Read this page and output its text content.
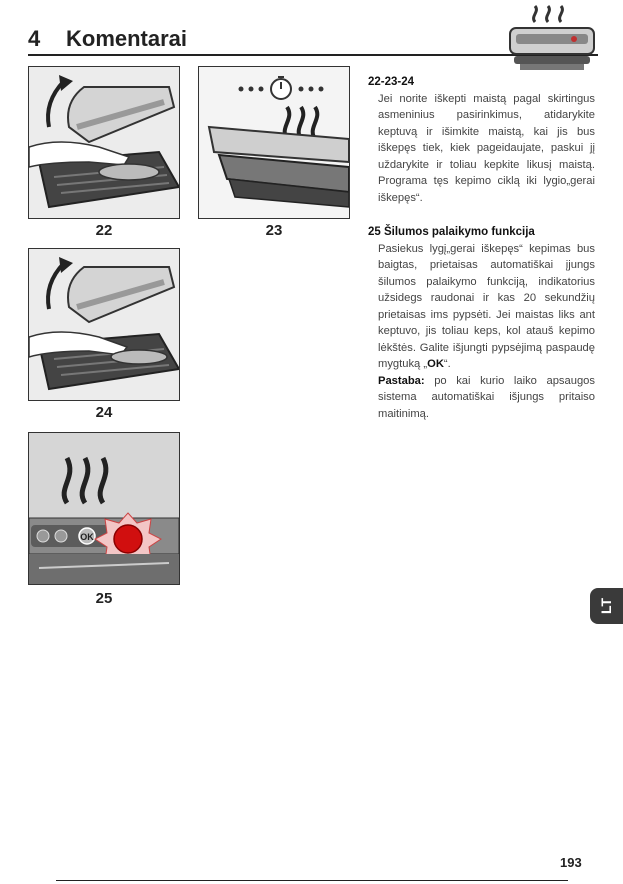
4 Komentarai
22	23
24
OK
25
22-23-24

Jei norite iškepti maistą pagal skirtingus asmeninius pasirinkimus, atidarykite keptuvą ir išimkite maistą, kai jis bus iškepęs tiek, kiek pageidaujate, paskui jį uždarykite ir toliau kepkite likusį maistą. Programa tęs kepimo ciklą iki lygio„gerai iškepęs“.

25 Šilumos palaikymo funkcija

Pasiekus lygį„gerai iškepęs“ kepimas bus baigtas, prietaisas automatiškai įjungs šilumos palaikymo funkciją, indikatorius užsidegs raudonai ir kas 20 sekundžių prietaisas ims pypsėti. Jei maistas liks ant keptuvo, jis toliau keps, kol atauš kepimo lėkštės. Galite išjungti pypsėjimą paspaudę mygtuką „OK“.
Pastaba: po kai kurio laiko apsaugos sistema automatiškai išjungs pritaiso maitinimą.

LT
193
